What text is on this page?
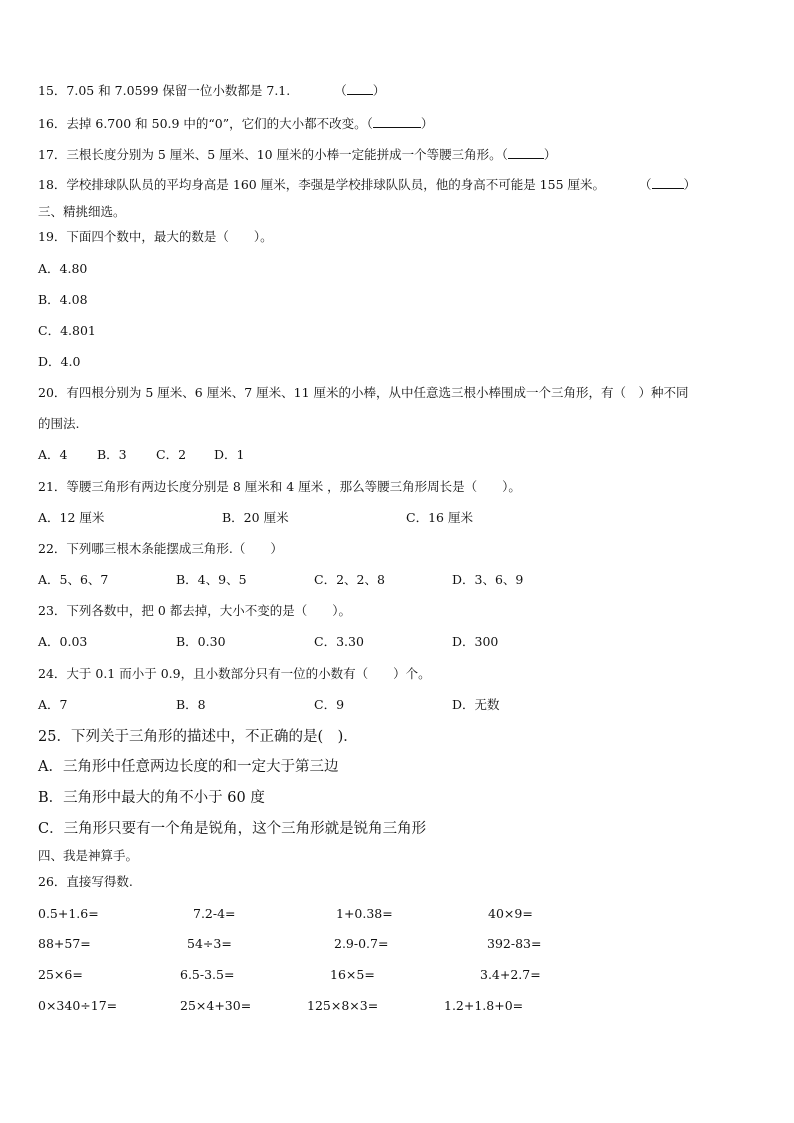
15．7.05 和 7.0599 保留一位小数都是 7.1.	（ ）
16．去掉 6.700 和 50.9 中的“0”，它们的大小都不改变。（	）
17．三根长度分别为 5 厘米、5 厘米、10 厘米的小棒一定能拼成一个等腰三角形。（	）
18．学校排球队队员的平均身高是 160 厘米，李强是学校排球队队员，他的身高不可能是 155 厘米。	（	）
三、精挑细选。
19．下面四个数中，最大的数是（　　）。
A．4.80
B．4.08
C．4.801
D．4.0
20．有四根分别为 5 厘米、6 厘米、7 厘米、11 厘米的小棒，从中任意选三根小棒围成一个三角形，有（　）种不同
的围法.
A．4 B．3 C．2 D．1
21．等腰三角形有两边长度分别是 8 厘米和 4 厘米 ，那么等腰三角形周长是（　　）。
A．12 厘米	B．20 厘米	C．16 厘米
22．下列哪三根木条能摆成三角形.（　　）
A．5、6、7	B．4、9、5	C．2、2、8	D．3、6、9
23．下列各数中，把 0 都去掉，大小不变的是（　　）。
A．0.03	B．0.30	C．3.30	D．300
24．大于 0.1 而小于 0.9，且小数部分只有一位的小数有（　　）个。
A．7	B．8	C．9	D．无数
25．下列关于三角形的描述中，不正确的是(　)．
A．三角形中任意两边长度的和一定大于第三边
B．三角形中最大的角不小于 60 度
C．三角形只要有一个角是锐角，这个三角形就是锐角三角形
四、我是神算手。
26．直接写得数.
0.5+1.6=	7.2-4=	1+0.38=	40×9=
88+57=	54÷3=	2.9-0.7=	392-83=
25×6=	6.5-3.5=	16×5=	3.4+2.7=
0×340÷17=	25×4+30=	125×8×3=	1.2+1.8+0=
